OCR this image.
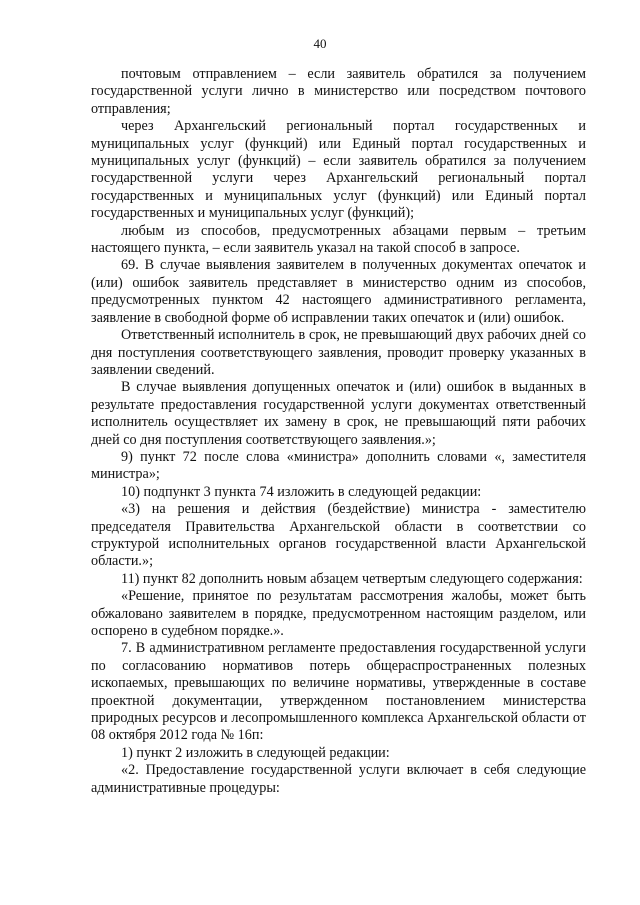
40

почтовым отправлением – если заявитель обратился за получением государственной услуги лично в министерство или посредством почтового отправления;

через Архангельский региональный портал государственных и муниципальных услуг (функций) или Единый портал государственных и муниципальных услуг (функций) – если заявитель обратился за получением государственной услуги через Архангельский региональный портал государственных и муниципальных услуг (функций) или Единый портал государственных и муниципальных услуг (функций);

любым из способов, предусмотренных абзацами первым – третьим настоящего пункта, – если заявитель указал на такой способ в запросе.

69. В случае выявления заявителем в полученных документах опечаток и (или) ошибок заявитель представляет в министерство одним из способов, предусмотренных пунктом 42 настоящего административного регламента, заявление в свободной форме об исправлении таких опечаток и (или) ошибок.

Ответственный исполнитель в срок, не превышающий двух рабочих дней со дня поступления соответствующего заявления, проводит проверку указанных в заявлении сведений.

В случае выявления допущенных опечаток и (или) ошибок в выданных в результате предоставления государственной услуги документах ответственный исполнитель осуществляет их замену в срок, не превышающий пяти рабочих дней со дня поступления соответствующего заявления.»;

9) пункт 72 после слова «министра» дополнить словами «, заместителя министра»;

10) подпункт 3 пункта 74 изложить в следующей редакции:

«3) на решения и действия (бездействие) министра - заместителю председателя Правительства Архангельской области в соответствии со структурой исполнительных органов государственной власти Архангельской области.»;

11) пункт 82 дополнить новым абзацем четвертым следующего содержания:

«Решение, принятое по результатам рассмотрения жалобы, может быть обжаловано заявителем в порядке, предусмотренном настоящим разделом, или оспорено в судебном порядке.».

7. В административном регламенте предоставления государственной услуги по согласованию нормативов потерь общераспространенных полезных ископаемых, превышающих по величине нормативы, утвержденные в составе проектной документации, утвержденном постановлением министерства природных ресурсов и лесопромышленного комплекса Архангельской области от 08 октября 2012 года № 16п:

1) пункт 2 изложить в следующей редакции:

«2. Предоставление государственной услуги включает в себя следующие административные процедуры:
